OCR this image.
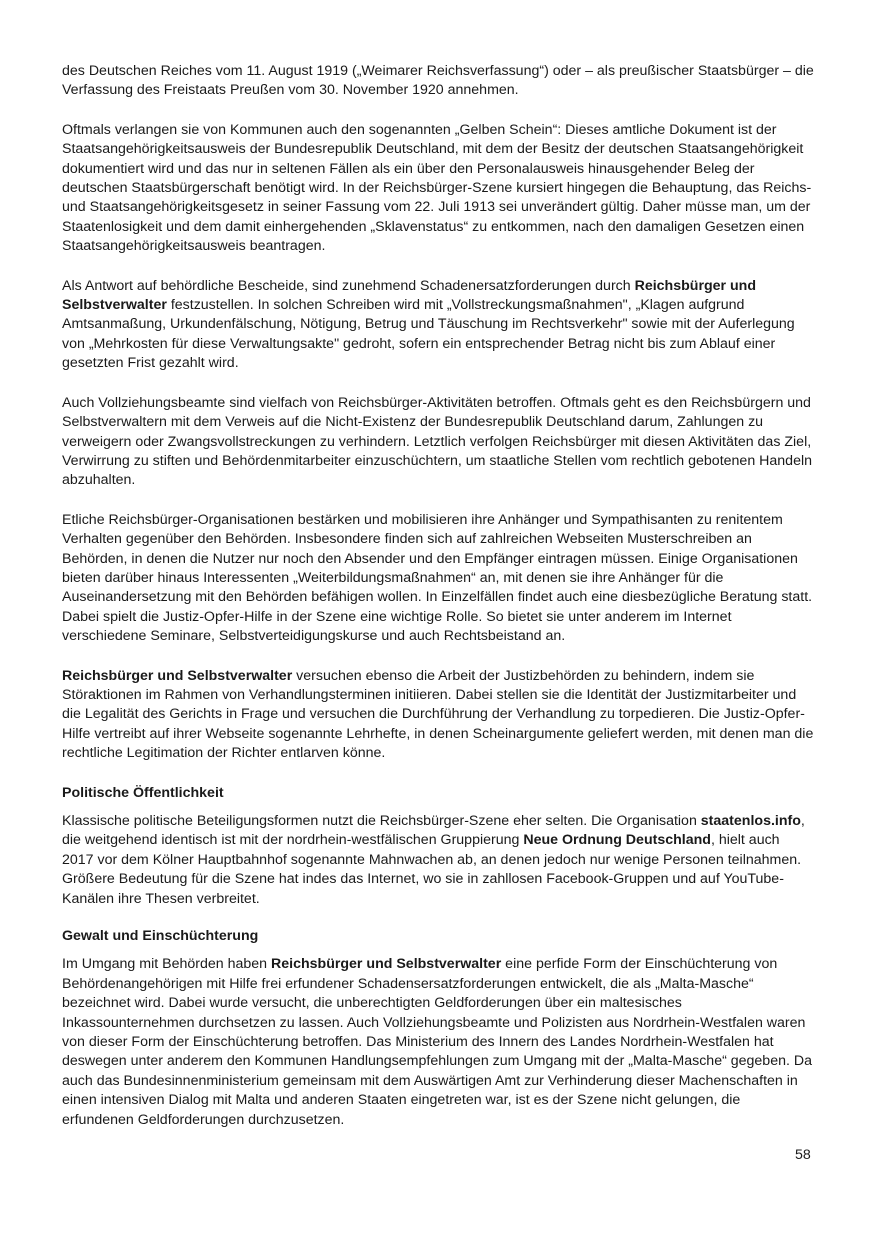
des Deutschen Reiches vom 11. August 1919 („Weimarer Reichsverfassung“) oder – als preußischer Staatsbürger – die Verfassung des Freistaats Preußen vom 30. November 1920 annehmen.

Oftmals verlangen sie von Kommunen auch den sogenannten „Gelben Schein“: Dieses amtliche Dokument ist der Staatsangehörigkeitsausweis der Bundesrepublik Deutschland, mit dem der Besitz der deutschen Staatsangehörigkeit dokumentiert wird und das nur in seltenen Fällen als ein über den Personalausweis hinausgehender Beleg der deutschen Staatsbürgerschaft benötigt wird. In der Reichsbürger-Szene kursiert hingegen die Behauptung, das Reichs- und Staatsangehörigkeitsgesetz in seiner Fassung vom 22. Juli 1913 sei unverändert gültig. Daher müsse man, um der Staatenlosigkeit und dem damit einhergehenden „Sklavenstatus“ zu entkommen, nach den damaligen Gesetzen einen Staatsangehörigkeitsausweis beantragen.

Als Antwort auf behördliche Bescheide, sind zunehmend Schadenersatzforderungen durch Reichsbürger und Selbstverwalter festzustellen. In solchen Schreiben wird mit „Vollstreckungsmaßnahmen", „Klagen aufgrund Amtsanmaßung, Urkundenfälschung, Nötigung, Betrug und Täuschung im Rechtsverkehr" sowie mit der Auferlegung von „Mehrkosten für diese Verwaltungsakte" gedroht, sofern ein entsprechender Betrag nicht bis zum Ablauf einer gesetzten Frist gezahlt wird.

Auch Vollziehungsbeamte sind vielfach von Reichsbürger-Aktivitäten betroffen. Oftmals geht es den Reichsbürgern und Selbstverwaltern mit dem Verweis auf die Nicht-Existenz der Bundesrepublik Deutschland darum, Zahlungen zu verweigern oder Zwangsvollstreckungen zu verhindern. Letztlich verfolgen Reichsbürger mit diesen Aktivitäten das Ziel, Verwirrung zu stiften und Behördenmitarbeiter einzuschüchtern, um staatliche Stellen vom rechtlich gebotenen Handeln abzuhalten.

Etliche Reichsbürger-Organisationen bestärken und mobilisieren ihre Anhänger und Sympathisanten zu renitentem Verhalten gegenüber den Behörden. Insbesondere finden sich auf zahlreichen Webseiten Musterschreiben an Behörden, in denen die Nutzer nur noch den Absender und den Empfänger eintragen müssen. Einige Organisationen bieten darüber hinaus Interessenten „Weiterbildungsmaßnahmen“ an, mit denen sie ihre Anhänger für die Auseinandersetzung mit den Behörden befähigen wollen. In Einzelfällen findet auch eine diesbezügliche Beratung statt. Dabei spielt die Justiz-Opfer-Hilfe in der Szene eine wichtige Rolle. So bietet sie unter anderem im Internet verschiedene Seminare, Selbstverteidigungskurse und auch Rechtsbeistand an.

Reichsbürger und Selbstverwalter versuchen ebenso die Arbeit der Justizbehörden zu behindern, indem sie Störaktionen im Rahmen von Verhandlungsterminen initiieren. Dabei stellen sie die Identität der Justizmitarbeiter und die Legalität des Gerichts in Frage und versuchen die Durchführung der Verhandlung zu torpedieren. Die Justiz-Opfer-Hilfe vertreibt auf ihrer Webseite sogenannte Lehrhefte, in denen Scheinargumente geliefert werden, mit denen man die rechtliche Legitimation der Richter entlarven könne.

Politische Öffentlichkeit

Klassische politische Beteiligungsformen nutzt die Reichsbürger-Szene eher selten. Die Organisation staatenlos.info, die weitgehend identisch ist mit der nordrhein-westfälischen Gruppierung Neue Ordnung Deutschland, hielt auch 2017 vor dem Kölner Hauptbahnhof sogenannte Mahnwachen ab, an denen jedoch nur wenige Personen teilnahmen. Größere Bedeutung für die Szene hat indes das Internet, wo sie in zahllosen Facebook-Gruppen und auf YouTube-Kanälen ihre Thesen verbreitet.

Gewalt und Einschüchterung

Im Umgang mit Behörden haben Reichsbürger und Selbstverwalter eine perfide Form der Einschüchterung von Behördenangehörigen mit Hilfe frei erfundener Schadensersatzforderungen entwickelt, die als „Malta-Masche“ bezeichnet wird. Dabei wurde versucht, die unberechtigten Geldforderungen über ein maltesisches Inkassounternehmen durchsetzen zu lassen. Auch Vollziehungsbeamte und Polizisten aus Nordrhein-Westfalen waren von dieser Form der Einschüchterung betroffen. Das Ministerium des Innern des Landes Nordrhein-Westfalen hat deswegen unter anderem den Kommunen Handlungsempfehlungen zum Umgang mit der „Malta-Masche“ gegeben. Da auch das Bundesinnenministerium gemeinsam mit dem Auswärtigen Amt zur Verhinderung dieser Machenschaften in einen intensiven Dialog mit Malta und anderen Staaten eingetreten war, ist es der Szene nicht gelungen, die erfundenen Geldforderungen durchzusetzen.

58
